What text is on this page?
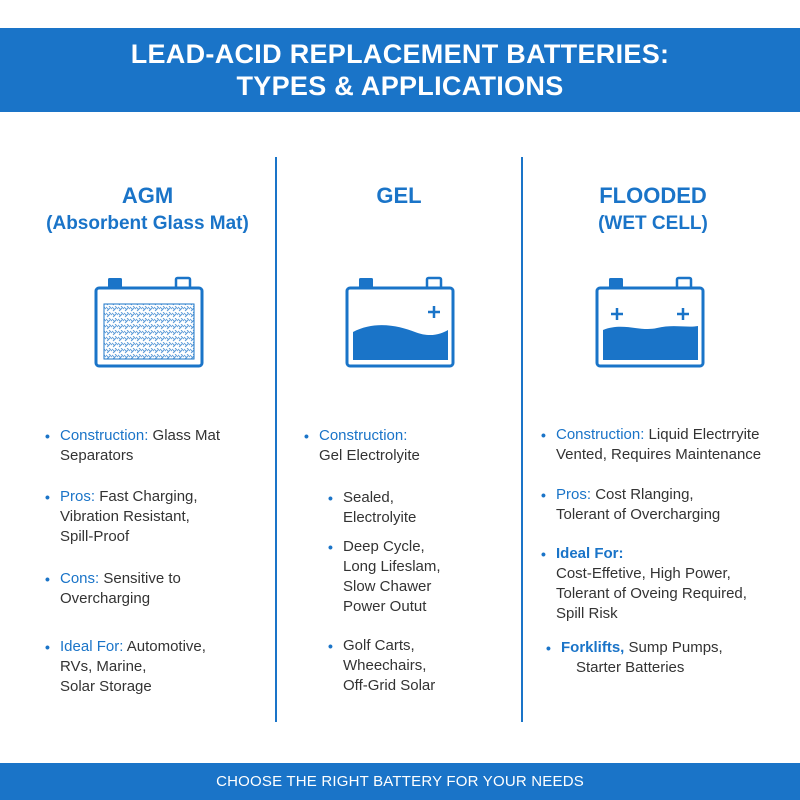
LEAD-ACID REPLACEMENT BATTERIES:
TYPES & APPLICATIONS
AGM
(Absorbent Glass Mat)
GEL	FLOODED
(WET CELL)
• Construction: Glass Mat
Separators
• Pros: Fast Charging,
Vibration Resistant,
Spill-Proof
• Cons: Sensitive to
Overcharging
• Ideal For: Automotive,
RVs, Marine,
Solar Storage
• Construction:
Gel Electrolyite
• Sealed,
Electrolyite
• Deep Cycle,
Long Lifeslam,
Slow Chawer
Power Outut
• Golf Carts,
Wheechairs,
Off-Grid Solar
• Construction: Liquid Electrryite
Vented, Requires Maintenance
• Pros: Cost Rlanging,
Tolerant of Overcharging
• Ideal For:
Cost-Effetive, High Power,
Tolerant of Oveing Required,
Spill Risk
• Forklifts, Sump Pumps,
Starter Batteries
CHOOSE THE RIGHT BATTERY FOR YOUR NEEDS
